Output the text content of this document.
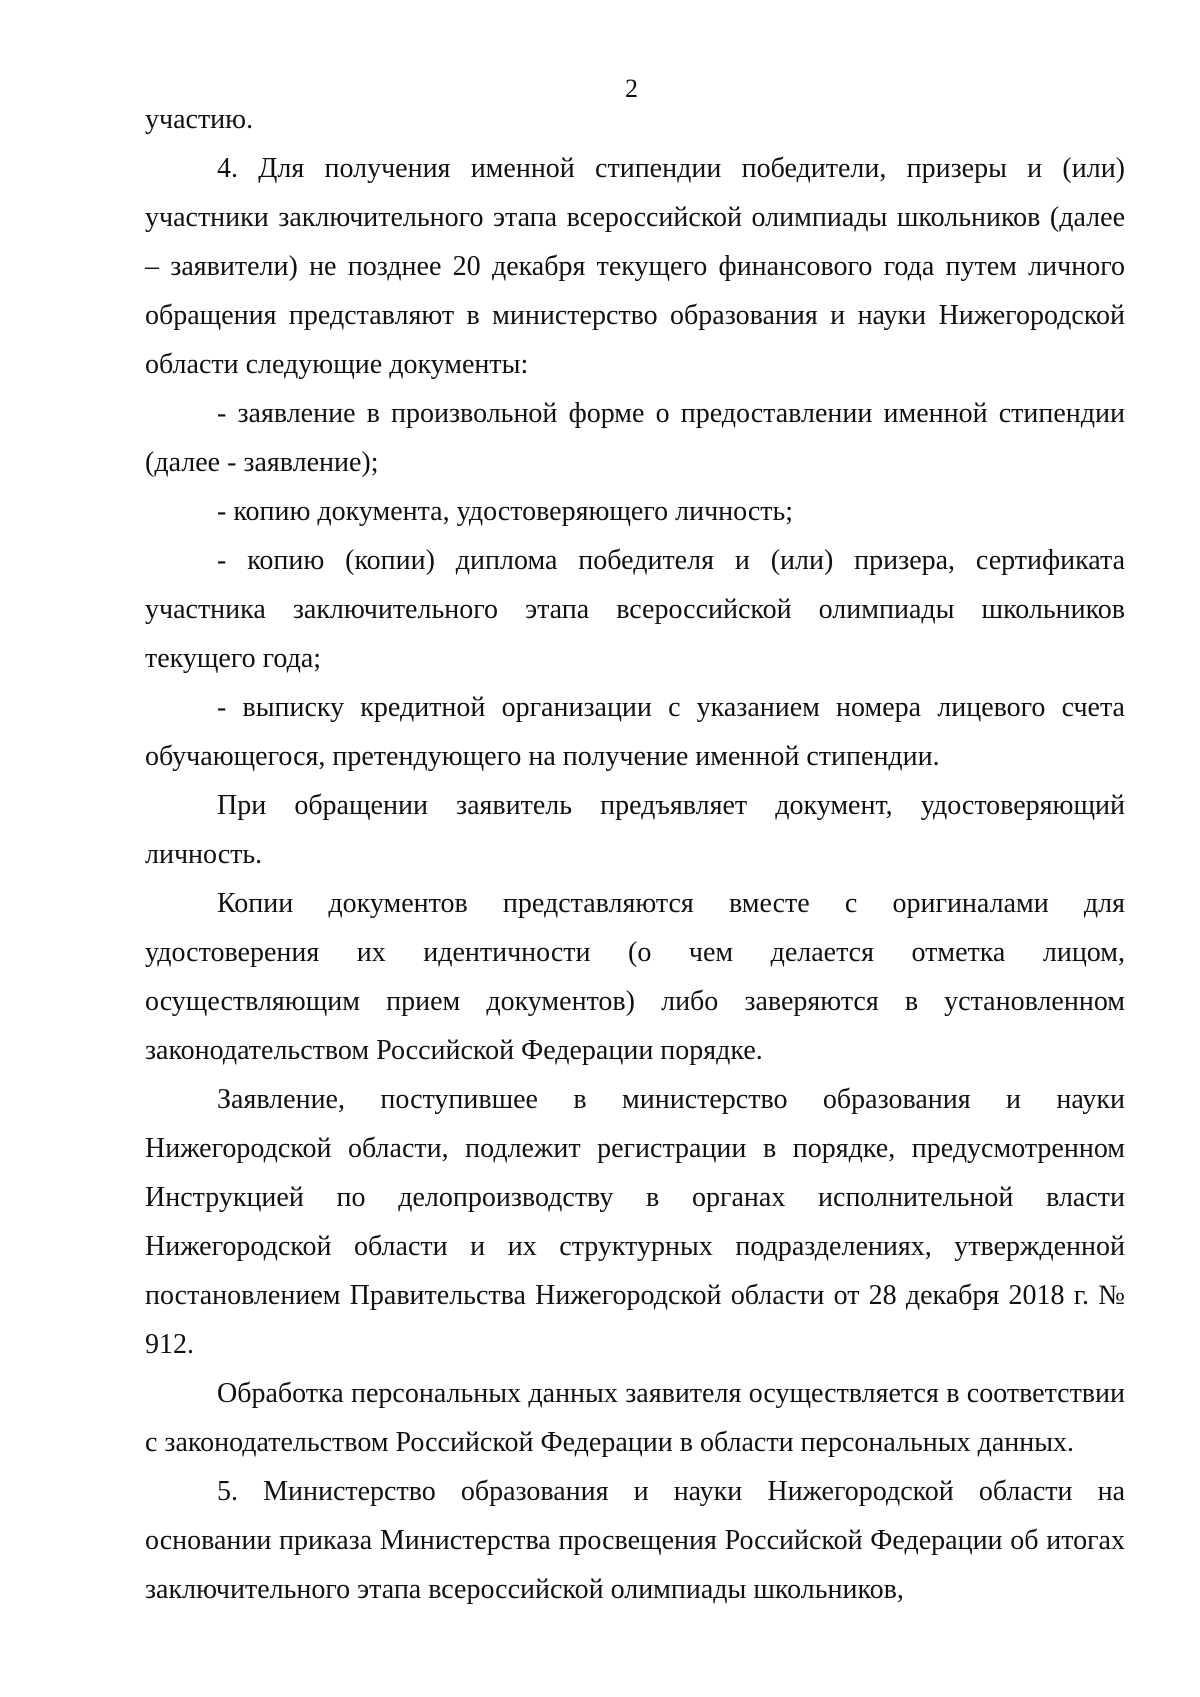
2

участию.

4. Для получения именной стипендии победители, призеры и (или) участники заключительного этапа всероссийской олимпиады школьников (далее – заявители) не позднее 20 декабря текущего финансового года путем личного обращения представляют в министерство образования и науки Нижегородской области следующие документы:

- заявление в произвольной форме о предоставлении именной стипендии (далее - заявление);

- копию документа, удостоверяющего личность;

- копию (копии) диплома победителя и (или) призера, сертификата участника заключительного этапа всероссийской олимпиады школьников текущего года;

- выписку кредитной организации с указанием номера лицевого счета обучающегося, претендующего на получение именной стипендии.

При обращении заявитель предъявляет документ, удостоверяющий личность.

Копии документов представляются вместе с оригиналами для удостоверения их идентичности (о чем делается отметка лицом, осуществляющим прием документов) либо заверяются в установленном законодательством Российской Федерации порядке.

Заявление, поступившее в министерство образования и науки Нижегородской области, подлежит регистрации в порядке, предусмотренном Инструкцией по делопроизводству в органах исполнительной власти Нижегородской области и их структурных подразделениях, утвержденной постановлением Правительства Нижегородской области от 28 декабря 2018 г. № 912.

Обработка персональных данных заявителя осуществляется в соответствии с законодательством Российской Федерации в области персональных данных.

5. Министерство образования и науки Нижегородской области на основании приказа Министерства просвещения Российской Федерации об итогах заключительного этапа всероссийской олимпиады школьников,
